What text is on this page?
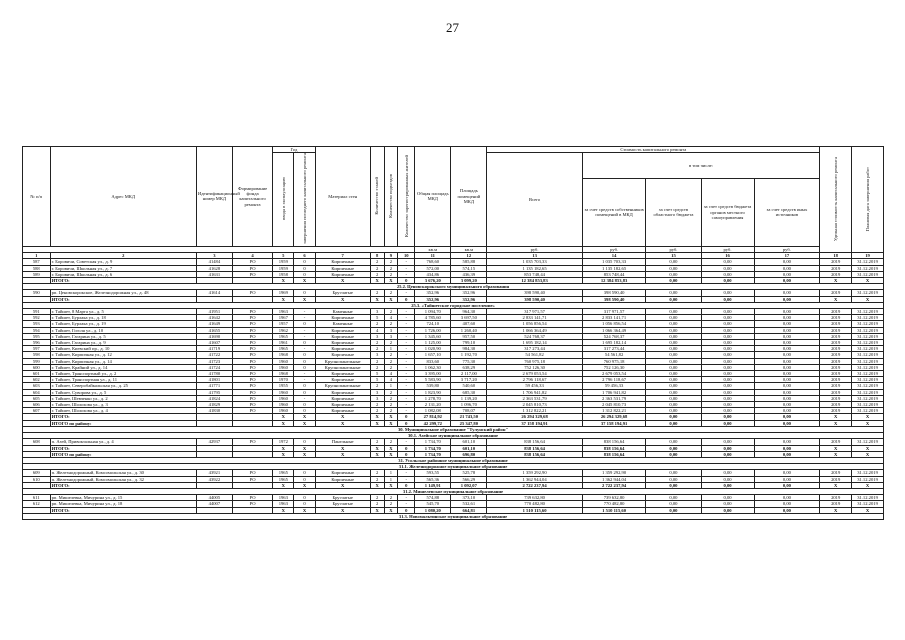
27
№ п/п	Адрес МКД	Идентификационный номер МКД	Формирование фонда капитального ремонта	Год		Материал стен	Количество этажей	Количество подъездов	Количество зарегистрированных жителей	Общая площадь МКД	Площадь помещений МКД	Стоимость капитального ремонта					Удельная стоимость капитального ремонта	Плановая дата завершения работ
				ввода в эксплуатацию	завершения последнего капитального ремонта							Всего	в том числе:					
													за счет средств собственников помещений в МКД	за счет средств областного бюджета	за счет средств бюджета органов местного самоуправления	за счет средств иных источников		
										кв.м	кв.м	руб.	руб.	руб.	руб.	руб.		
1	2	3	4	5	6	7	8	9	10	11	12	13	14	15	16	17	18	19
587	г. Боровичи, Советская ул., д. 9	41484	РО	1959	0	Кирпичные	2	2	-	768,60	585,88	1 035 703,33	1 035 703,33	0,00	0,00	0,00	2019	31.12.2019
588	г. Боровичи, Школьная ул., д. 7	41628	РО	1959	0	Кирпичные	2	2	-	572,00	574,15	1 135 182,65	1 135 182,65	0,00	0,00	0,00	2019	31.12.2019
589	г. Боровичи, Школьная ул., д. 6	41631	РО	1958	0	Кирпичные	2	2	-	434,86	436,39	853 748,44	853 748,44	0,00	0,00	0,00	2019	31.12.2019
	ИТОГО:			X	X	X	X	X	0	3 676,20	3 099,20	12 384 853,83	12 384 853,83	0,00	0,00	0,00	X	X
25.2. Ценовскорокского муниципального образования																		
590	рп. Ценовскорокское, Железнодорожная ул., д. 48	41614	РО	1969	0	Брусчатые	2	2	-	352,96	352,96	398 590,40	398 590,40	0,00	0,00	0,00	2019	31.12.2019
	ИТОГО:			X	X	X	X	X	0	352,96	352,96	398 590,40	398 590,40	0,00	0,00	0,00	X	X
25.3. «Тайшетское городское поселение»																		
591	г. Тайшет, 8 Марта ул., д. 5	41951	РО	1963	-	Каменные	3	2	-	1 094,70	964,30	317 971,57	317 971,57	0,00	0,00	0,00	2019	31.12.2019
592	г. Тайшет, Бурлака ул., д. 18	41642	РО	1967	-	Кирпичные	5	4	-	4 785,60	3 697,50	2 833 141,71	2 833 141,71	0,00	0,00	0,00	2019	31.12.2019
593	г. Тайшет, Бурлака ул., д. 19	41649	РО	1957	0	Каменные	2	2	-	724,10	407,60	1 056 856,54	1 056 856,54	0,00	0,00	0,00	2019	31.12.2019
594	г. Тайшет, Гоголя ул., д. 10	41655	РО	1962	-	Кирпичные	4	3	-	1 726,00	1 260,40	1 066 364,49	1 066 364,49	0,00	0,00	0,00	2019	31.12.2019
595	г. Тайшет, Гагарина ул., д. 5	41690	РО	1965	-	Кирпичные	3	3	-	1 345,60	957,50	524 768,37	524 768,37	0,00	0,00	0,00	2019	31.12.2019
596	г. Тайшет, Гагарина ул., д. 9	41607	РО	1961	0	Кирпичные	2	2	-	1 125,00	799,10	1 695 182,14	1 695 182,14	0,00	0,00	0,00	2019	31.12.2019
597	г. Тайшет, Киевский пр., д. 10	41719	РО	1965	-	Кирпичные	2	1	-	1 020,90	984,30	317 273,44	317 273,44	0,00	0,00	0,00	2019	31.12.2019
598	г. Тайшет, Кирпичная ул., д. 12	41722	РО	1968	0	Кирпичные	3	2	-	1 657,10	1 192,70	54 561,82	54 561,82	0,00	0,00	0,00	2019	31.12.2019
599	г. Тайшет, Кирпичная ул., д. 14	41723	РО	1960	0	Крупнопанельные	2	2	-	833,60	775,30	760 975,18	760 975,18	0,00	0,00	0,00	2019	31.12.2019
600	г. Тайшет, Крайний ул., д. 14	41724	РО	1960	0	Крупнопанельные	2	2	-	1 062,30	638,29	752 126,30	752 126,30	0,00	0,00	0,00	2019	31.12.2019
601	г. Тайшет, Транспортный ул., д. 2	41780	РО	1968	-	Кирпичные	5	4	-	3 395,00	2 117,00	2 679 053,54	2 679 053,54	0,00	0,00	0,00	2019	31.12.2019
602	г. Тайшет, Транспортная ул., д. 11	41801	РО	1970	-	Кирпичные	5	4	-	5 583,90	3 717,20	2 796 118,67	2 796 118,67	0,00	0,00	0,00	2019	31.12.2019
603	г. Тайшет, Северобайкальская ул., д. 25	41771	РО	1955	0	Крупнопанельные	2	1	-	539,80	540,60	59 456,33	59 456,33	0,00	0,00	0,00	2019	31.12.2019
604	г. Тайшет, Суворова ул., д. 5	41795	РО	1960	0	Кирпичные	3	2	-	1 823,90	685,30	1 706 941,82	1 706 941,82	0,00	0,00	0,00	2019	31.12.2019
605	г. Тайшет, Шевченко ул., д. 2	41824	РО	1960	-	Кирпичные	3	2	-	1 278,70	1 139,20	2 363 531,79	2 363 531,79	0,00	0,00	0,00	2019	31.12.2019
606	г. Тайшет, Шолохова ул., д. 3	41829	РО	1960	0	Кирпичные	2	2	-	2 131,20	1 096,70	2 045 810,73	2 045 810,73	0,00	0,00	0,00	2019	31.12.2019
607	г. Тайшет, Шолохова ул., д. 4	41830	РО	1960	0	Кирпичные	2	2	-	1 082,08	708,07	1 312 822,21	1 312 822,21	0,00	0,00	0,00	2019	31.12.2019
	ИТОГО:			X	X	X	X	X	0	27 814,92	21 743,50	26 294 329,68	26 294 329,68	0,00	0,00	0,00	X	X
	ИТОГО по району:			X	X	X	X	X	0	42 299,72	25 347,80	37 158 194,91	37 158 194,91	0,00	0,00	0,00	X	X
30. Муниципальное образование "Тулунский район"																		
30.1. Азейское муниципальное образование																		
608	п. Азей, Привокзальная ул., д. 4	42937	РО	1972	0	Панельные	2	2	-	1 734,70	601,10	838 156,64	838 156,64	0,00	0,00	0,00	2019	31.12.2019
	ИТОГО:			X	X	X	X	X	0	1 734,70	601,10	838 156,64	838 156,64	0,00	0,00	0,00	X	X
	ИТОГО по району:			X	X	X	X	X	0	1 734,70	696,80	838 156,64	838 156,64	0,00	0,00	0,00	X	X
31. Усольское районное муниципальное образование																		
31.1. Железнодорожное муниципальное образование																		
609	п. Железнодорожный, Комсомольская ул., д. 30	43921	РО	1965	0	Кирпичные	2	1	-	593,55	525,78	1 359 292,90	1 359 292,90	0,00	0,00	0,00	2019	31.12.2019
610	п. Железнодорожный, Комсомольская ул., д. 32	43922	РО	1965	0	Кирпичные	2	1	-	565,36	566,29	1 362 944,04	1 362 944,04	0,00	0,00	0,00	2019	31.12.2019
	ИТОГО:			X	X	X	X	X	0	1 149,91	1 092,07	2 722 237,94	2 722 237,94	0,00	0,00	0,00	X	X
31.2. Мишелевское муниципальное образование																		
611	рп. Мишелевка, Мичурина ул., д. 15	44005	РО	1963	0	Брусчатые	2	2	-	574,88	373,10	739 632,80	739 632,80	0,00	0,00	0,00	2019	31.12.2019
612	рп. Мишелевка, Мичурина ул., д. 18	44007	РО	1963	0	Брусчатые	2	2	-	545,70	532,61	770 482,80	770 482,80	0,00	0,00	0,00	2019	31.12.2019
	ИТОГО:			X	X	X	X	X	0	1 080,20	664,81	1 510 115,60	1 510 115,60	0,00	0,00	0,00	X	X
31.3. Новомальтинское муниципальное образование																		
